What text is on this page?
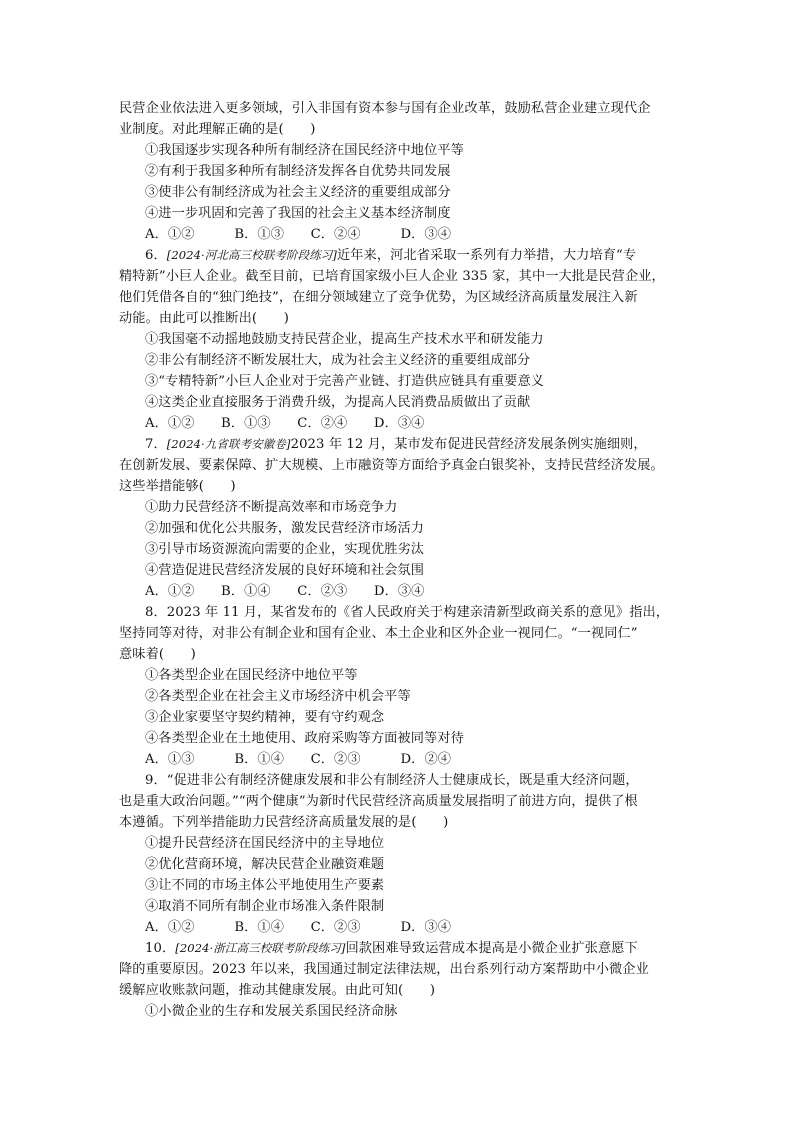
民营企业依法进入更多领域，引入非国有资本参与国有企业改革，鼓励私营企业建立现代企
业制度。对此理解正确的是(　　)
①我国逐步实现各种所有制经济在国民经济中地位平等
②有利于我国多种所有制经济发挥各自优势共同发展
③使非公有制经济成为社会主义经济的重要组成部分
④进一步巩固和完善了我国的社会主义基本经济制度
A．①②　　　B．①③　　C．②④　　　D．③④
6．[2024·河北高三校联考阶段练习]近年来，河北省采取一系列有力举措，大力培育“专
精特新”小巨人企业。截至目前，已培育国家级小巨人企业 335 家，其中一大批是民营企业，
他们凭借各自的“独门绝技”，在细分领域建立了竞争优势，为区域经济高质量发展注入新
动能。由此可以推断出(　　)
①我国毫不动摇地鼓励支持民营企业，提高生产技术水平和研发能力
②非公有制经济不断发展壮大，成为社会主义经济的重要组成部分
③“专精特新”小巨人企业对于完善产业链、打造供应链具有重要意义
④这类企业直接服务于消费升级，为提高人民消费品质做出了贡献
A．①②　　B．①③　　C．②④　　D．③④
7．[2024·九省联考安徽卷]2023 年 12 月，某市发布促进民营经济发展条例实施细则，
在创新发展、要素保障、扩大规模、上市融资等方面给予真金白银奖补，支持民营经济发展。
这些举措能够(　　)
①助力民营经济不断提高效率和市场竞争力
②加强和优化公共服务，激发民营经济市场活力
③引导市场资源流向需要的企业，实现优胜劣汰
④营造促进民营经济发展的良好环境和社会氛围
A．①②　　B．①④　　C．②③　　D．③④
8．2023 年 11 月，某省发布的《省人民政府关于构建亲清新型政商关系的意见》指出，
坚持同等对待，对非公有制企业和国有企业、本土企业和区外企业一视同仁。“一视同仁”
意味着(　　)
①各类型企业在国民经济中地位平等
②各类型企业在社会主义市场经济中机会平等
③企业家要坚守契约精神，要有守约观念
④各类型企业在土地使用、政府采购等方面被同等对待
A．①③　　　B．①④　　C．②③　　　D．②④
9．“促进非公有制经济健康发展和非公有制经济人士健康成长，既是重大经济问题，
也是重大政治问题。”“两个健康”为新时代民营经济高质量发展指明了前进方向，提供了根
本遵循。下列举措能助力民营经济高质量发展的是(　　)
①提升民营经济在国民经济中的主导地位
②优化营商环境，解决民营企业融资难题
③让不同的市场主体公平地使用生产要素
④取消不同所有制企业市场准入条件限制
A．①②　　　B．①④　　C．②③　　　D．③④
10．[2024·浙江高三校联考阶段练习]回款困难导致运营成本提高是小微企业扩张意愿下
降的重要原因。2023 年以来，我国通过制定法律法规，出台系列行动方案帮助中小微企业
缓解应收账款问题，推动其健康发展。由此可知(　　)
①小微企业的生存和发展关系国民经济命脉
